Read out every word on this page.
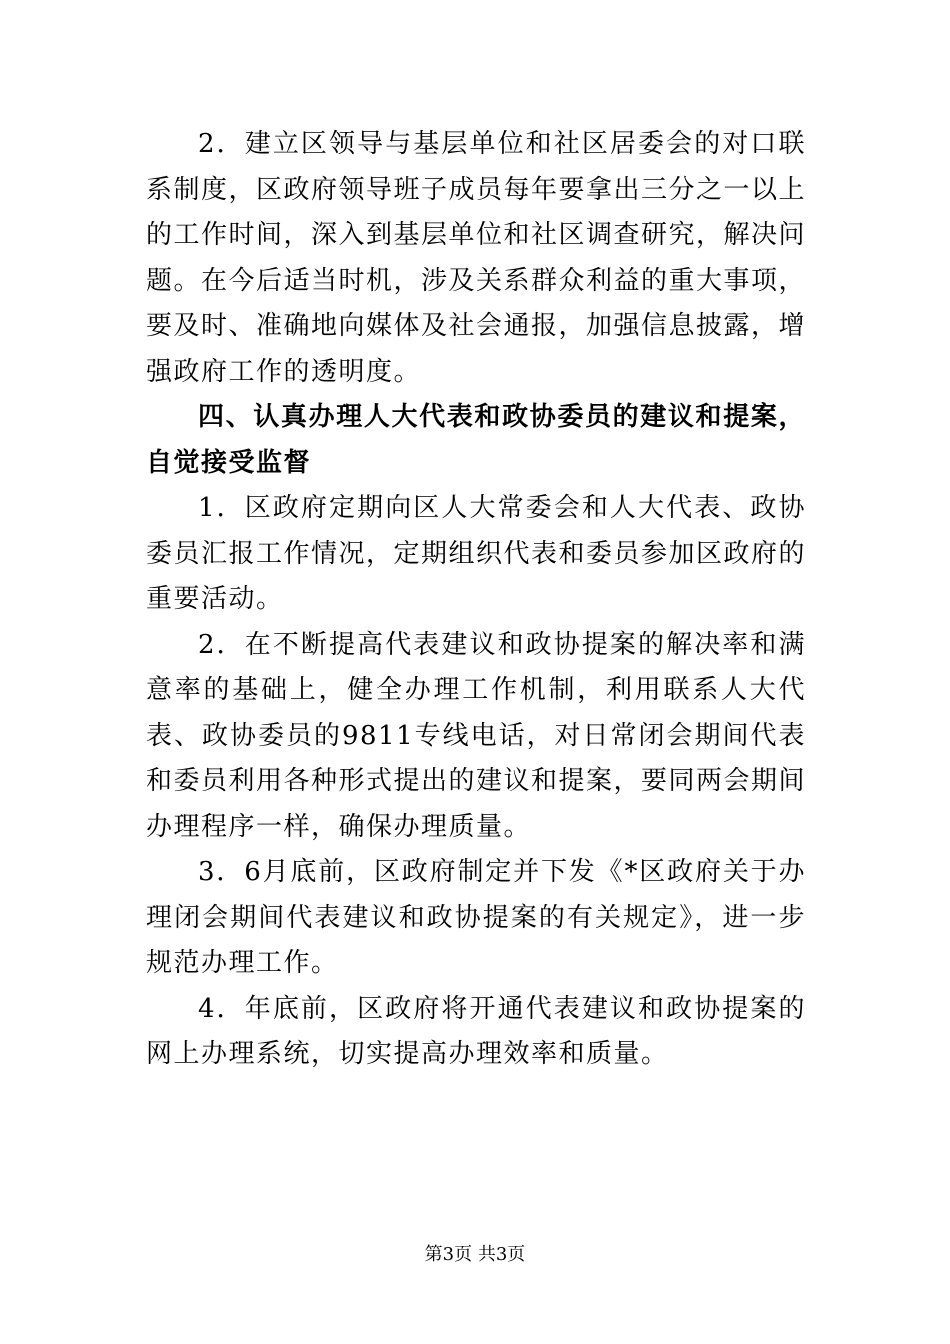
2．建立区领导与基层单位和社区居委会的对口联系制度，区政府领导班子成员每年要拿出三分之一以上的工作时间，深入到基层单位和社区调查研究，解决问题。在今后适当时机，涉及关系群众利益的重大事项，要及时、准确地向媒体及社会通报，加强信息披露，增强政府工作的透明度。

四、认真办理人大代表和政协委员的建议和提案，自觉接受监督

1．区政府定期向区人大常委会和人大代表、政协委员汇报工作情况，定期组织代表和委员参加区政府的重要活动。

2．在不断提高代表建议和政协提案的解决率和满意率的基础上，健全办理工作机制，利用联系人大代表、政协委员的9811专线电话，对日常闭会期间代表和委员利用各种形式提出的建议和提案，要同两会期间办理程序一样，确保办理质量。

3．6月底前，区政府制定并下发《*区政府关于办理闭会期间代表建议和政协提案的有关规定》，进一步规范办理工作。

4．年底前，区政府将开通代表建议和政协提案的网上办理系统，切实提高办理效率和质量。

第3页 共3页
